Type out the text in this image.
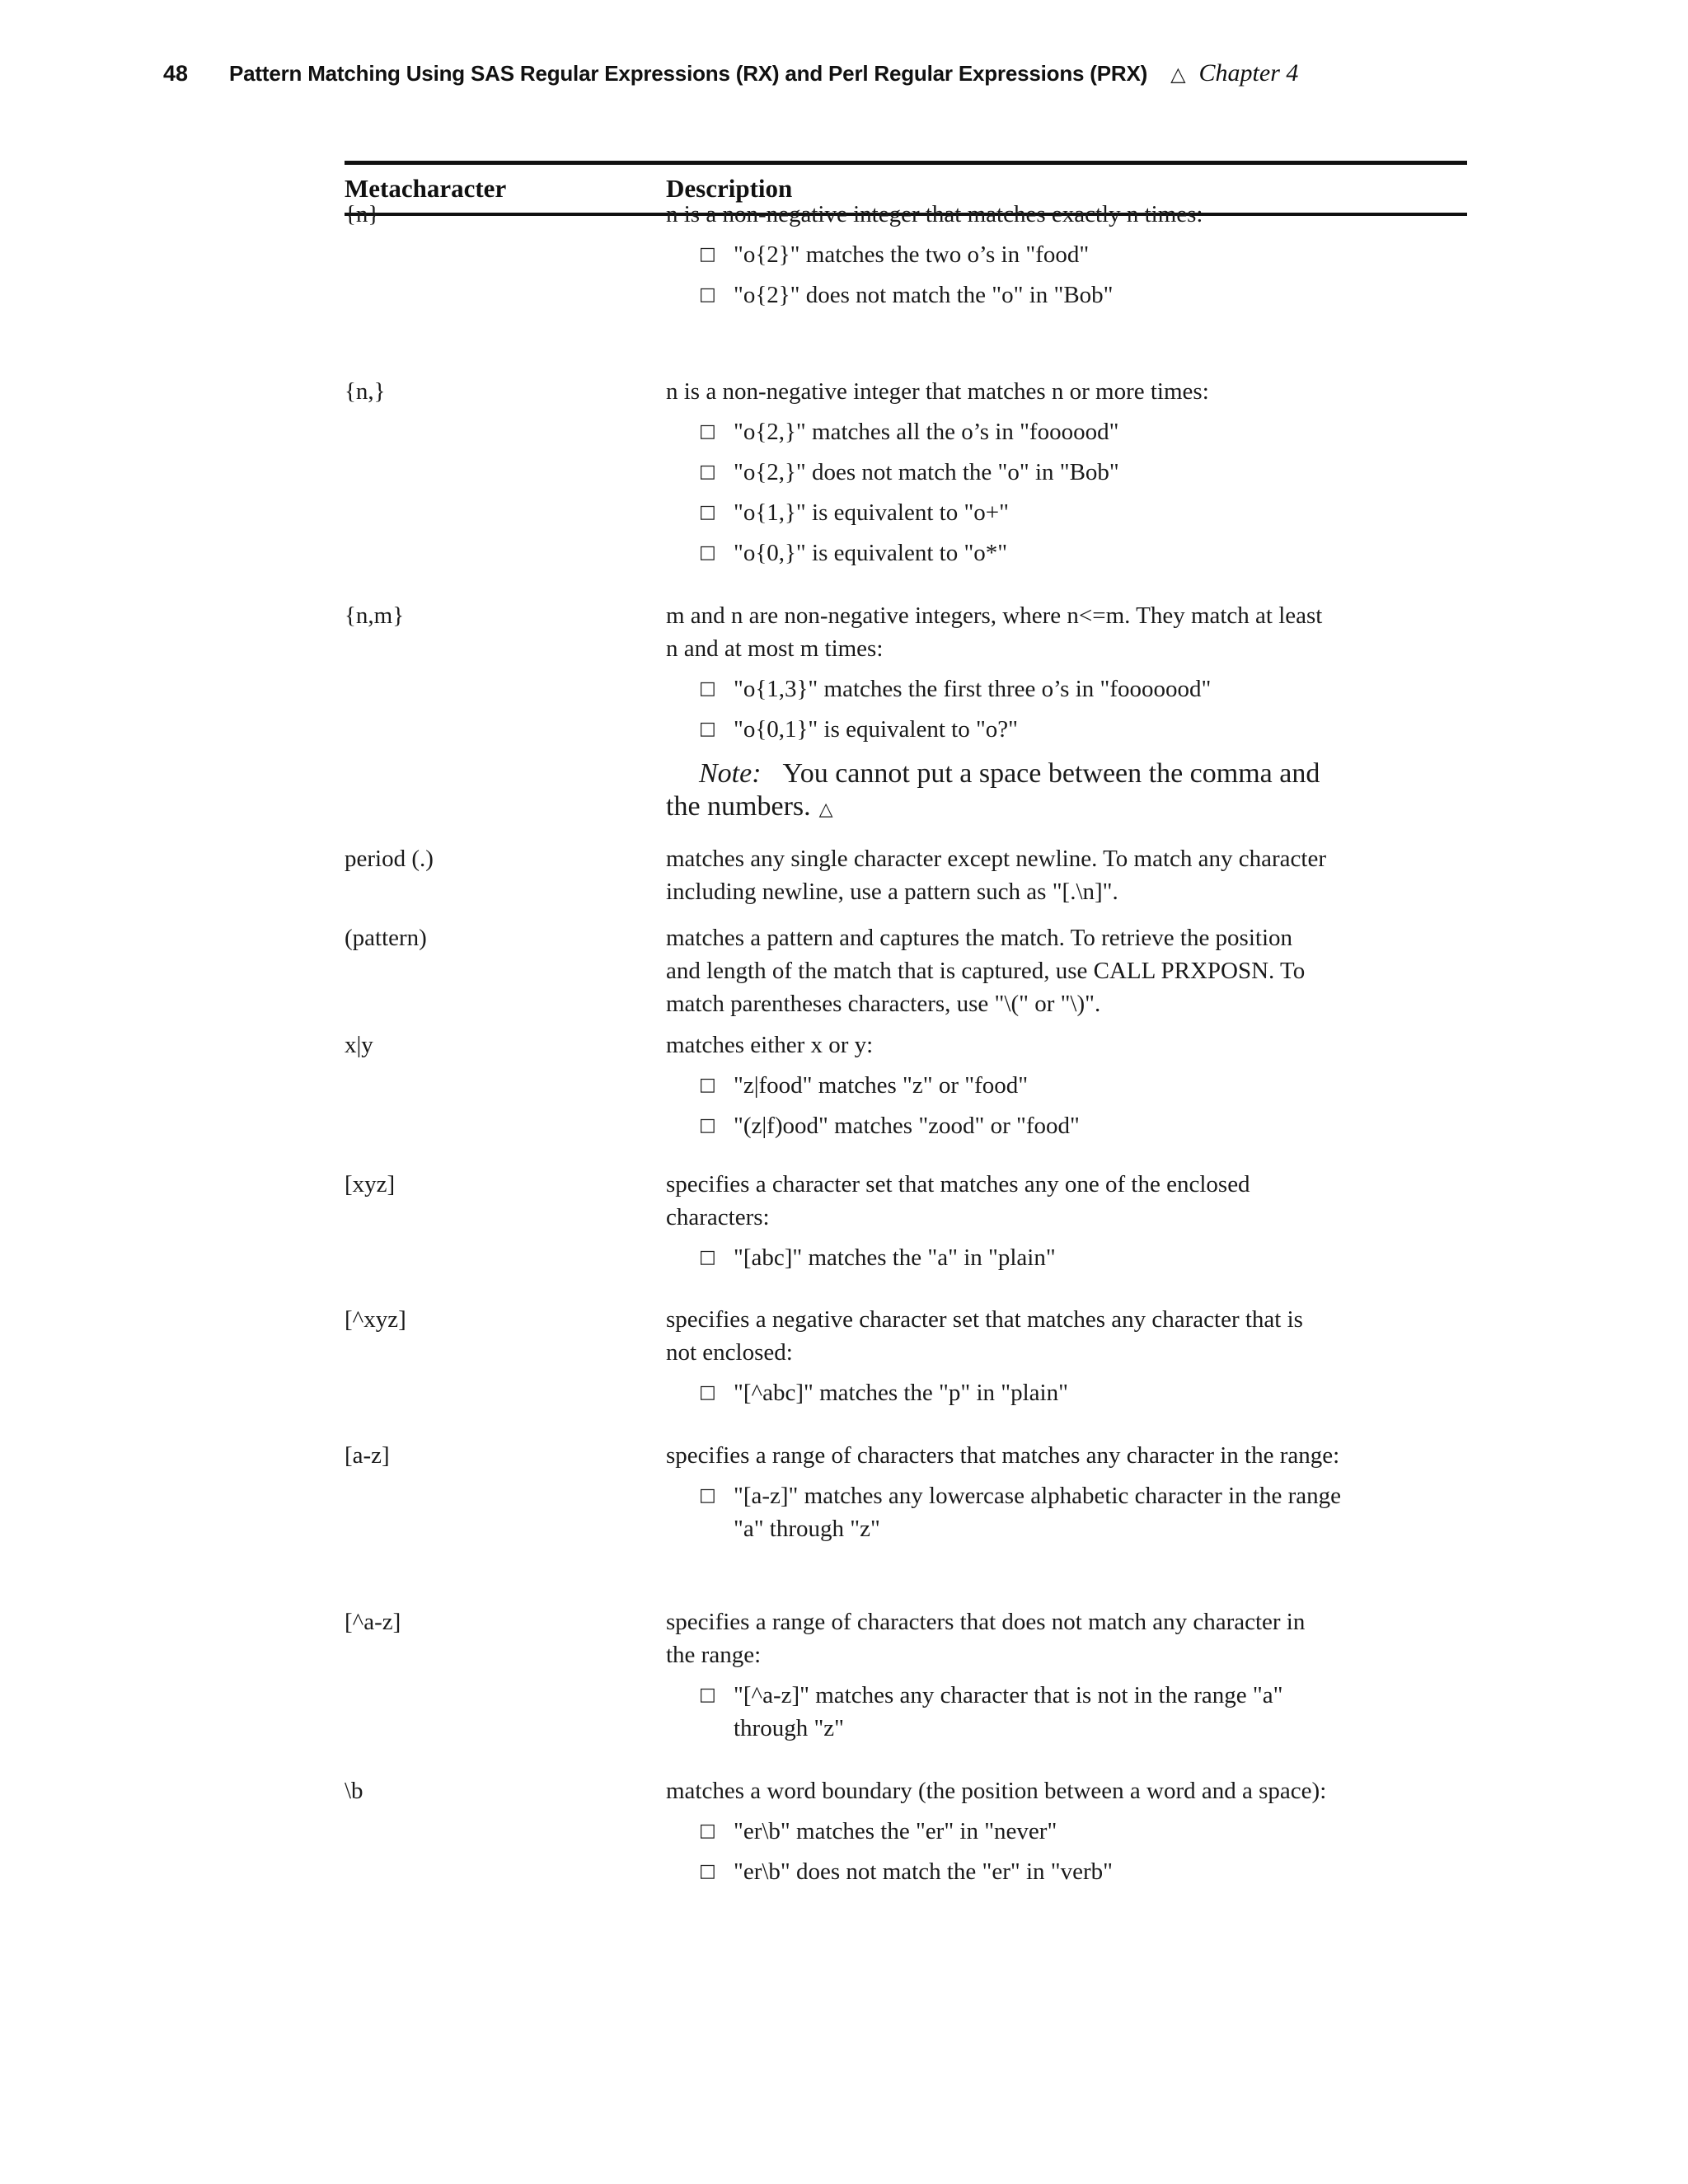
48	Pattern Matching Using SAS Regular Expressions (RX) and Perl Regular Expressions (PRX) △ Chapter 4
Metacharacter	Description
{n}	n is a non-negative integer that matches exactly n times:
□ "o{2}" matches the two o’s in "food"
□ "o{2}" does not match the "o" in "Bob"
{n,}	n is a non-negative integer that matches n or more times:
□ "o{2,}" matches all the o’s in "foooood"
□ "o{2,}" does not match the "o" in "Bob"
□ "o{1,}" is equivalent to "o+"
□ "o{0,}" is equivalent to "o*"
{n,m}	m and n are non-negative integers, where n<=m. They match at least
n and at most m times:
□ "o{1,3}" matches the first three o’s in "fooooood"
□ "o{0,1}" is equivalent to "o?"
Note: You cannot put a space between the comma and
the numbers. △
period (.)	matches any single character except newline. To match any character
including newline, use a pattern such as "[.\n]".
(pattern)	matches a pattern and captures the match. To retrieve the position
and length of the match that is captured, use CALL PRXPOSN. To
match parentheses characters, use "\(" or "\)".
x|y	matches either x or y:
□ "z|food" matches "z" or "food"
□ "(z|f)ood" matches "zood" or "food"
[xyz]	specifies a character set that matches any one of the enclosed
characters:
□ "[abc]" matches the "a" in "plain"
[^xyz]	specifies a negative character set that matches any character that is
not enclosed:
□ "[^abc]" matches the "p" in "plain"
[a-z]	specifies a range of characters that matches any character in the range:
□ "[a-z]" matches any lowercase alphabetic character in the range
"a" through "z"
[^a-z]	specifies a range of characters that does not match any character in
the range:
□ "[^a-z]" matches any character that is not in the range "a"
through "z"
\b	matches a word boundary (the position between a word and a space):
□ "er\b" matches the "er" in "never"
□ "er\b" does not match the "er" in "verb"
